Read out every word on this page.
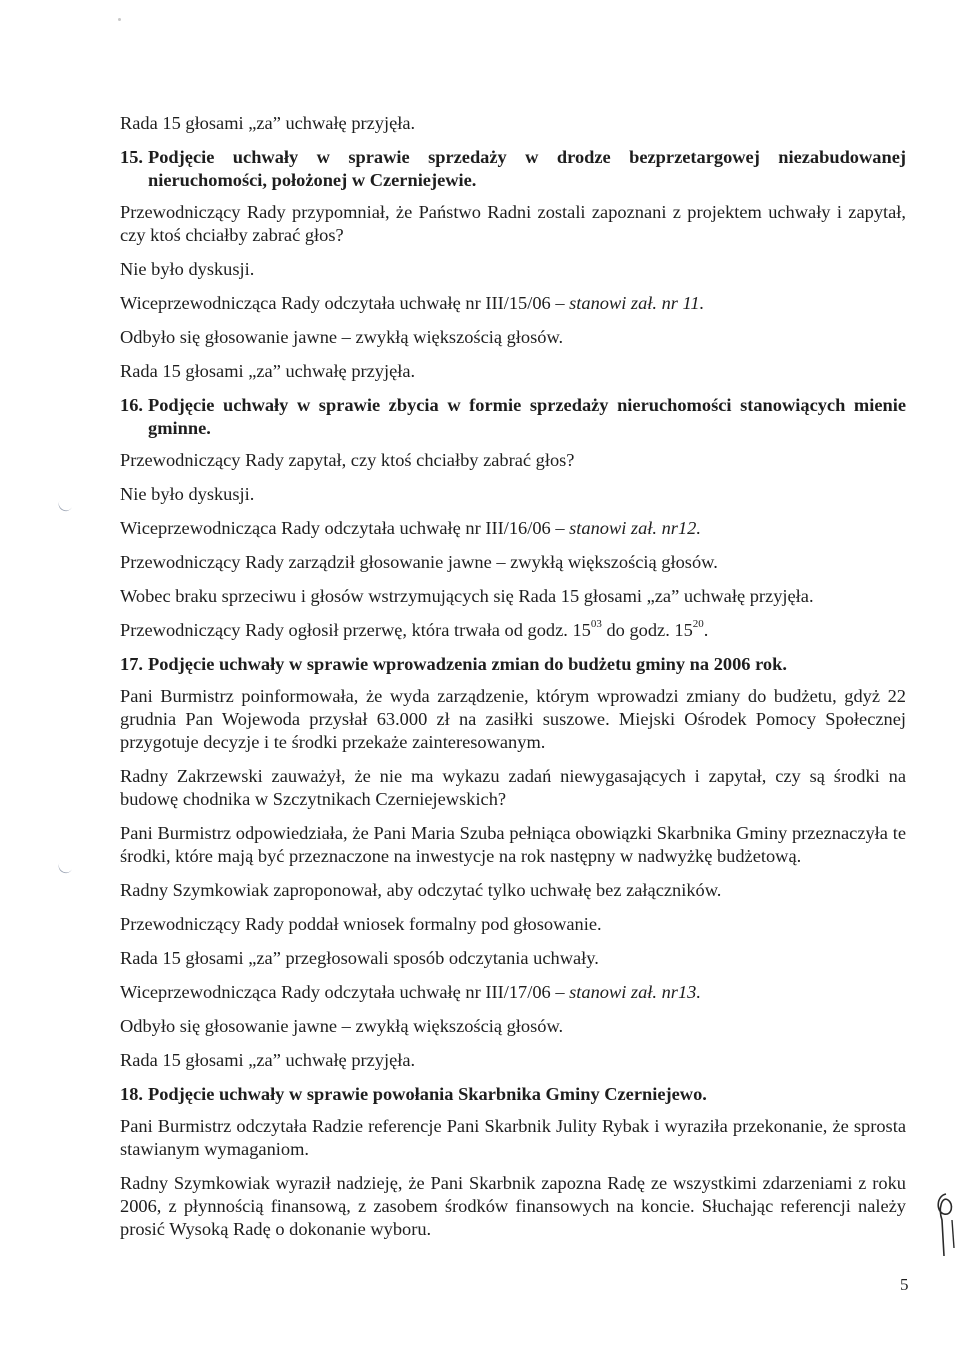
Rada 15 głosami „za” uchwałę przyjęła.

15. Podjęcie uchwały w sprawie sprzedaży w drodze bezprzetargowej niezabudowanej nieruchomości, położonej w Czerniejewie.

Przewodniczący Rady przypomniał, że Państwo Radni zostali zapoznani z projektem uchwały i zapytał, czy ktoś chciałby zabrać głos?

Nie było dyskusji.

Wiceprzewodnicząca Rady odczytała uchwałę nr III/15/06 – stanowi zał. nr 11.

Odbyło się głosowanie jawne – zwykłą większością głosów.

Rada 15 głosami „za” uchwałę przyjęła.

16. Podjęcie uchwały w sprawie zbycia w formie sprzedaży nieruchomości stanowiących mienie gminne.

Przewodniczący Rady zapytał, czy ktoś chciałby zabrać głos?

Nie było dyskusji.

Wiceprzewodnicząca Rady odczytała uchwałę nr III/16/06 – stanowi zał. nr12.

Przewodniczący Rady zarządził głosowanie jawne – zwykłą większością głosów.

Wobec braku sprzeciwu i głosów wstrzymujących się Rada 15 głosami „za” uchwałę przyjęła.

Przewodniczący Rady ogłosił przerwę, która trwała od godz. $15^{03}$ do godz. $15^{20}$.

17. Podjęcie uchwały w sprawie wprowadzenia zmian do budżetu gminy na 2006 rok.

Pani Burmistrz poinformowała, że wyda zarządzenie, którym wprowadzi zmiany do budżetu, gdyż 22 grudnia Pan Wojewoda przysłał 63.000 zł na zasiłki suszowe. Miejski Ośrodek Pomocy Społecznej przygotuje decyzje i te środki przekaże zainteresowanym.

Radny Zakrzewski zauważył, że nie ma wykazu zadań niewygasających i zapytał, czy są środki na budowę chodnika w Szczytnikach Czerniejewskich?

Pani Burmistrz odpowiedziała, że Pani Maria Szuba pełniąca obowiązki Skarbnika Gminy przeznaczyła te środki, które mają być przeznaczone na inwestycje na rok następny w nadwyżkę budżetową.

Radny Szymkowiak zaproponował, aby odczytać tylko uchwałę bez załączników.

Przewodniczący Rady poddał wniosek formalny pod głosowanie.

Rada 15 głosami „za” przegłosowali sposób odczytania uchwały.

Wiceprzewodnicząca Rady odczytała uchwałę nr III/17/06 – stanowi zał. nr13.

Odbyło się głosowanie jawne – zwykłą większością głosów.

Rada 15 głosami „za” uchwałę przyjęła.

18. Podjęcie uchwały w sprawie powołania Skarbnika Gminy Czerniejewo.

Pani Burmistrz odczytała Radzie referencje Pani Skarbnik Julity Rybak i wyraziła przekonanie, że sprosta stawianym wymaganiom.

Radny Szymkowiak wyraził nadzieję, że Pani Skarbnik zapozna Radę ze wszystkimi zdarzeniami z roku 2006, z płynnością finansową, z zasobem środków finansowych na koncie. Słuchając referencji należy prosić Wysoką Radę o dokonanie wyboru.

5
